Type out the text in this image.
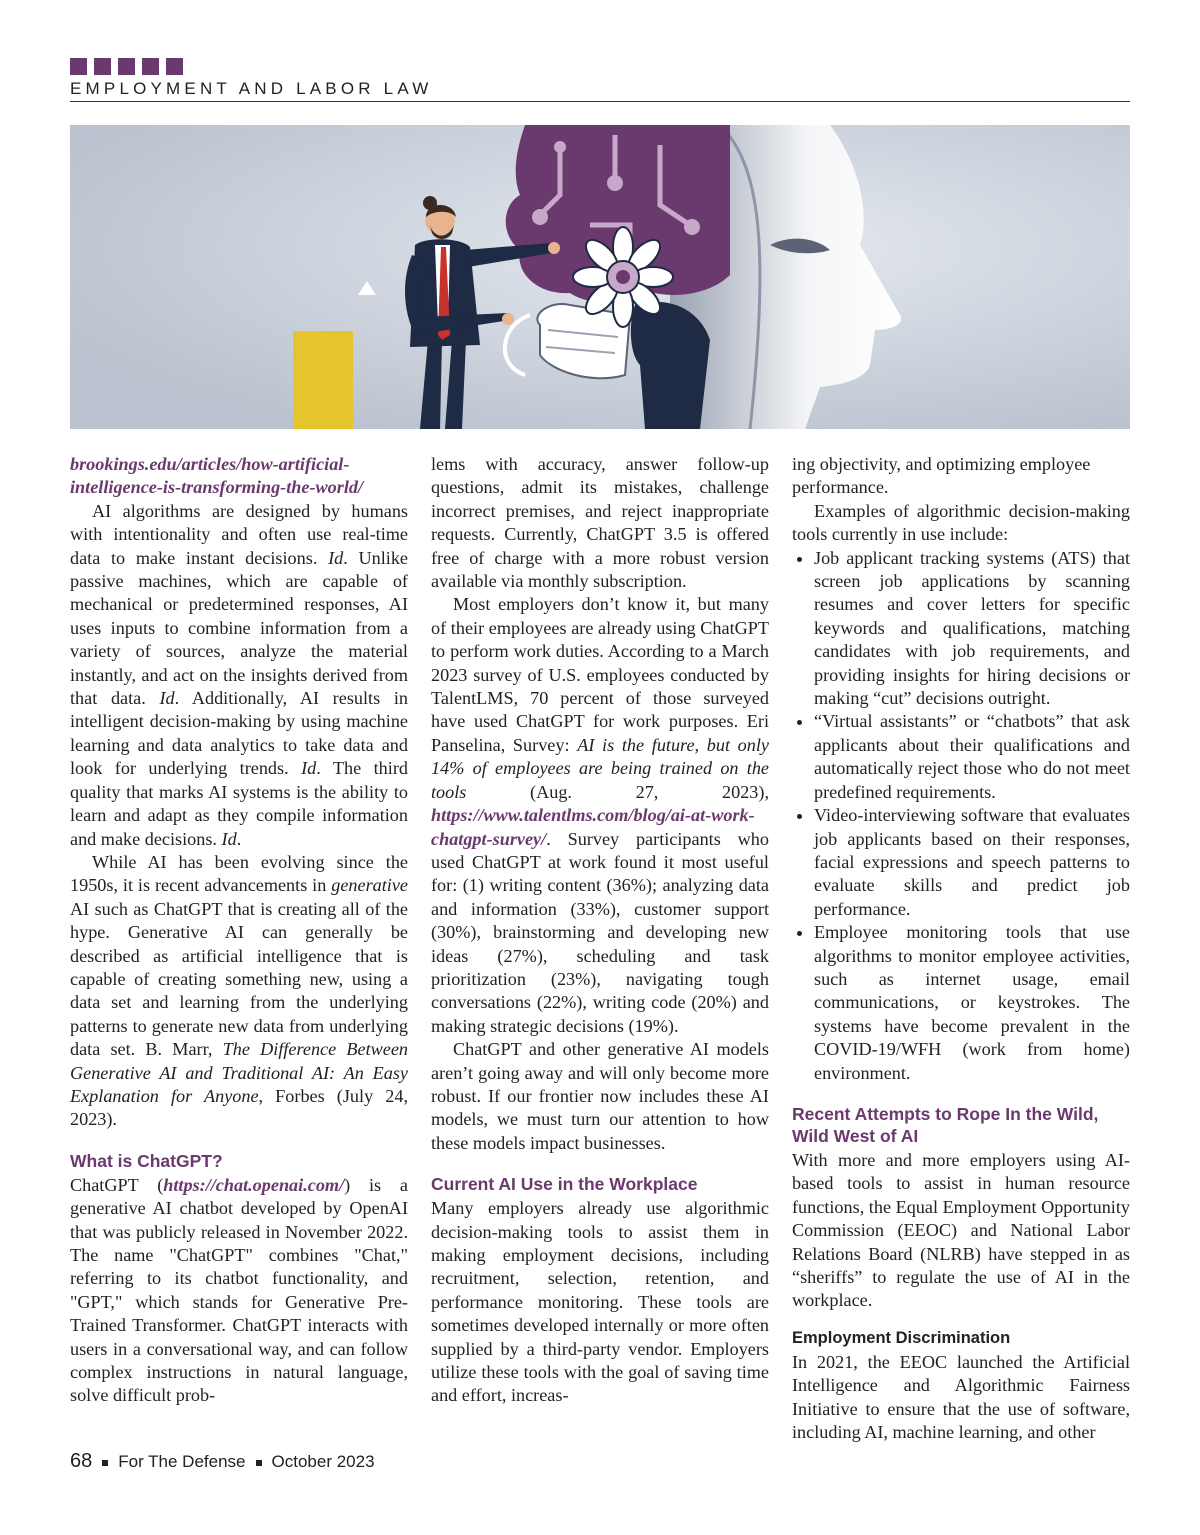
EMPLOYMENT AND LABOR LAW

brookings.edu/articles/how-artificial-intelligence-is-transforming-the-world/

AI algorithms are designed by humans with intentionality and often use real-time data to make instant decisions. Id. Unlike passive machines, which are capable of mechanical or predetermined responses, AI uses inputs to combine information from a variety of sources, analyze the material instantly, and act on the insights derived from that data. Id. Additionally, AI results in intelligent decision-making by using machine learning and data analytics to take data and look for underlying trends. Id. The third quality that marks AI systems is the ability to learn and adapt as they compile information and make decisions. Id.

While AI has been evolving since the 1950s, it is recent advancements in generative AI such as ChatGPT that is creating all of the hype. Generative AI can generally be described as artificial intelligence that is capable of creating something new, using a data set and learning from the underlying patterns to generate new data from underlying data set. B. Marr, The Difference Between Generative AI and Traditional AI: An Easy Explanation for Anyone, Forbes (July 24, 2023).

What is ChatGPT?

ChatGPT (https://chat.openai.com/) is a generative AI chatbot developed by OpenAI that was publicly released in November 2022. The name "ChatGPT" combines "Chat," referring to its chatbot functionality, and "GPT," which stands for Generative Pre-Trained Transformer. ChatGPT interacts with users in a conversational way, and can follow complex instructions in natural language, solve difficult prob-

lems with accuracy, answer follow-up questions, admit its mistakes, challenge incorrect premises, and reject inappropriate requests. Currently, ChatGPT 3.5 is offered free of charge with a more robust version available via monthly subscription.

Most employers don’t know it, but many of their employees are already using ChatGPT to perform work duties. According to a March 2023 survey of U.S. employees conducted by TalentLMS, 70 percent of those surveyed have used ChatGPT for work purposes. Eri Panselina, Survey: AI is the future, but only 14% of employees are being trained on the tools (Aug. 27, 2023), https://www.talentlms.com/blog/ai-at-work-chatgpt-survey/. Survey participants who used ChatGPT at work found it most useful for: (1) writing content (36%); analyzing data and information (33%), customer support (30%), brainstorming and developing new ideas (27%), scheduling and task prioritization (23%), navigating tough conversations (22%), writing code (20%) and making strategic decisions (19%).

ChatGPT and other generative AI models aren’t going away and will only become more robust. If our frontier now includes these AI models, we must turn our attention to how these models impact businesses.

Current AI Use in the Workplace

Many employers already use algorithmic decision-making tools to assist them in making employment decisions, including recruitment, selection, retention, and performance monitoring. These tools are sometimes developed internally or more often supplied by a third-party vendor. Employers utilize these tools with the goal of saving time and effort, increas-

ing objectivity, and optimizing employee performance.

Examples of algorithmic decision-making tools currently in use include:

• Job applicant tracking systems (ATS) that screen job applications by scanning resumes and cover letters for specific keywords and qualifications, matching candidates with job requirements, and providing insights for hiring decisions or making “cut” decisions outright.
• “Virtual assistants” or “chatbots” that ask applicants about their qualifications and automatically reject those who do not meet predefined requirements.
• Video-interviewing software that evaluates job applicants based on their responses, facial expressions and speech patterns to evaluate skills and predict job performance.
• Employee monitoring tools that use algorithms to monitor employee activities, such as internet usage, email communications, or keystrokes. The systems have become prevalent in the COVID-19/WFH (work from home) environment.
Recent Attempts to Rope In the Wild, Wild West of AI

With more and more employers using AI-based tools to assist in human resource functions, the Equal Employment Opportunity Commission (EEOC) and National Labor Relations Board (NLRB) have stepped in as “sheriffs” to regulate the use of AI in the workplace.

Employment Discrimination

In 2021, the EEOC launched the Artificial Intelligence and Algorithmic Fairness Initiative to ensure that the use of software, including AI, machine learning, and other

68 For The Defense October 2023
